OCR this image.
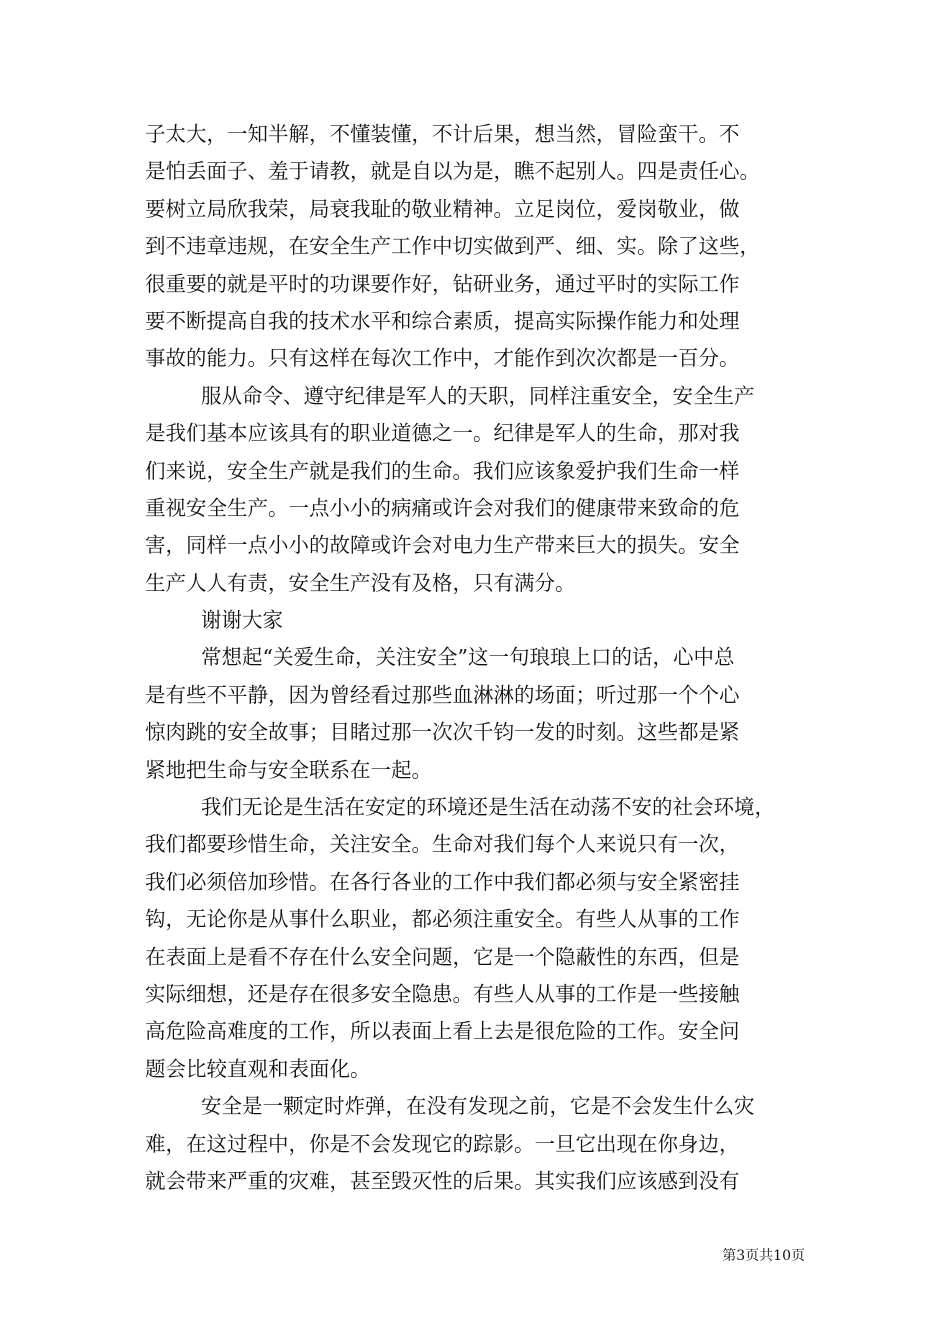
子太大，一知半解，不懂装懂，不计后果，想当然，冒险蛮干。不

是怕丢面子、羞于请教，就是自以为是，瞧不起别人。四是责任心。

要树立局欣我荣，局衰我耻的敬业精神。立足岗位，爱岗敬业，做

到不违章违规，在安全生产工作中切实做到严、细、实。除了这些，

很重要的就是平时的功课要作好，钻研业务，通过平时的实际工作

要不断提高自我的技术水平和综合素质，提高实际操作能力和处理

事故的能力。只有这样在每次工作中，才能作到次次都是一百分。

服从命令、遵守纪律是军人的天职，同样注重安全，安全生产

是我们基本应该具有的职业道德之一。纪律是军人的生命，那对我

们来说，安全生产就是我们的生命。我们应该象爱护我们生命一样

重视安全生产。一点小小的病痛或许会对我们的健康带来致命的危

害，同样一点小小的故障或许会对电力生产带来巨大的损失。安全

生产人人有责，安全生产没有及格，只有满分。

谢谢大家

常想起“关爱生命，关注安全”这一句琅琅上口的话，心中总

是有些不平静，因为曾经看过那些血淋淋的场面；听过那一个个心

惊肉跳的安全故事；目睹过那一次次千钧一发的时刻。这些都是紧

紧地把生命与安全联系在一起。

我们无论是生活在安定的环境还是生活在动荡不安的社会环境，

我们都要珍惜生命，关注安全。生命对我们每个人来说只有一次，

我们必须倍加珍惜。在各行各业的工作中我们都必须与安全紧密挂

钩，无论你是从事什么职业，都必须注重安全。有些人从事的工作

在表面上是看不存在什么安全问题，它是一个隐蔽性的东西，但是

实际细想，还是存在很多安全隐患。有些人从事的工作是一些接触

高危险高难度的工作，所以表面上看上去是很危险的工作。安全问

题会比较直观和表面化。

安全是一颗定时炸弹，在没有发现之前，它是不会发生什么灾

难，在这过程中，你是不会发现它的踪影。一旦它出现在你身边，

就会带来严重的灾难，甚至毁灭性的后果。其实我们应该感到没有

第3页共10页
